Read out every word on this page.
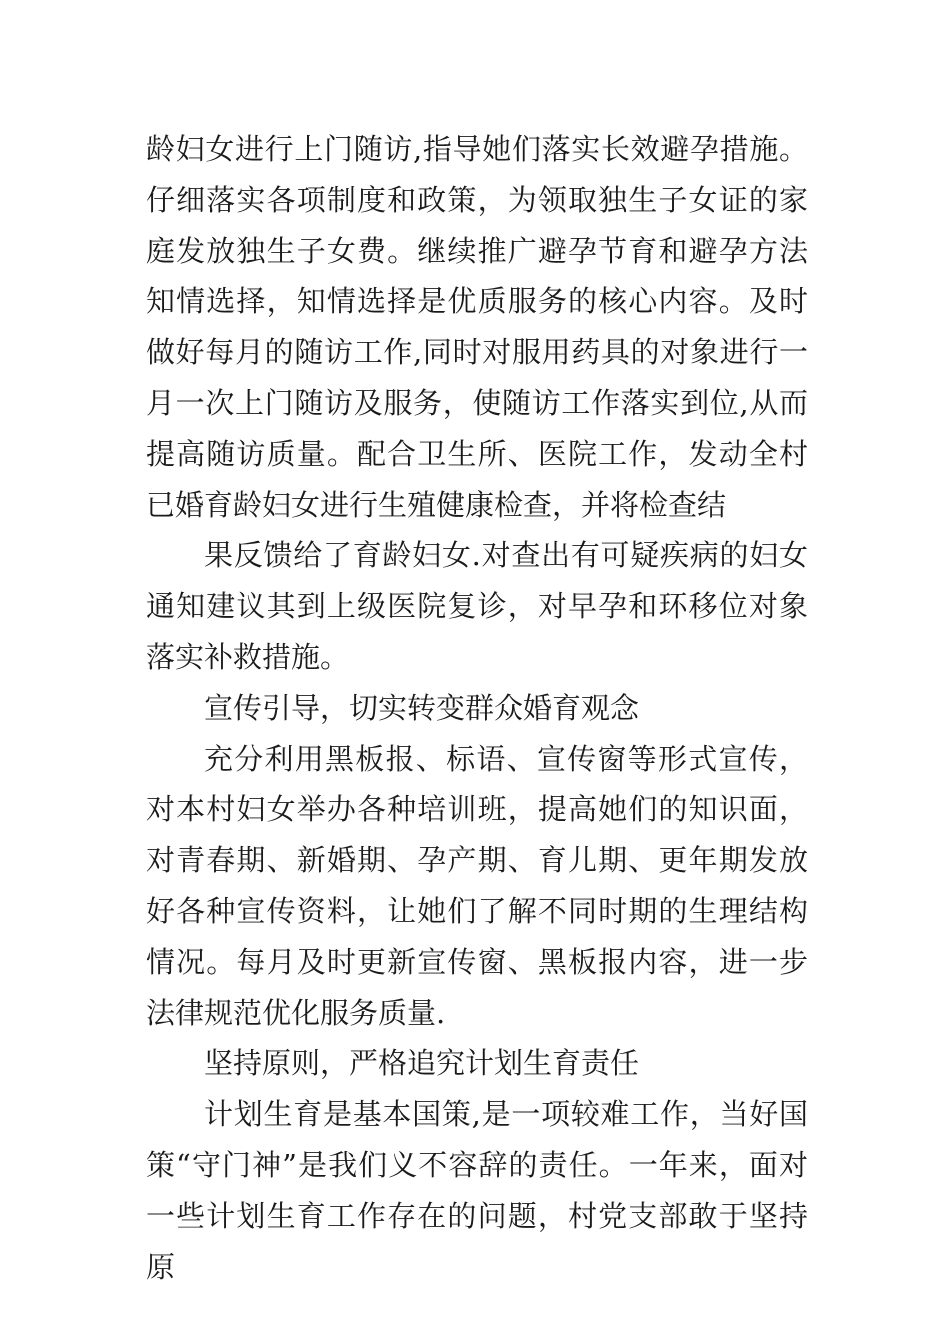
龄妇女进行上门随访,指导她们落实长效避孕措施。仔细落实各项制度和政策，为领取独生子女证的家庭发放独生子女费。继续推广避孕节育和避孕方法知情选择，知情选择是优质服务的核心内容。及时做好每月的随访工作,同时对服用药具的对象进行一月一次上门随访及服务，使随访工作落实到位,从而提高随访质量。配合卫生所、医院工作，发动全村已婚育龄妇女进行生殖健康检查，并将检查结

果反馈给了育龄妇女.对查出有可疑疾病的妇女通知建议其到上级医院复诊，对早孕和环移位对象落实补救措施。

宣传引导，切实转变群众婚育观念

充分利用黑板报、标语、宣传窗等形式宣传，对本村妇女举办各种培训班，提高她们的知识面，对青春期、新婚期、孕产期、育儿期、更年期发放好各种宣传资料，让她们了解不同时期的生理结构情况。每月及时更新宣传窗、黑板报内容，进一步法律规范优化服务质量.

坚持原则，严格追究计划生育责任

计划生育是基本国策,是一项较难工作，当好国策“守门神”是我们义不容辞的责任。一年来，面对一些计划生育工作存在的问题，村党支部敢于坚持原
